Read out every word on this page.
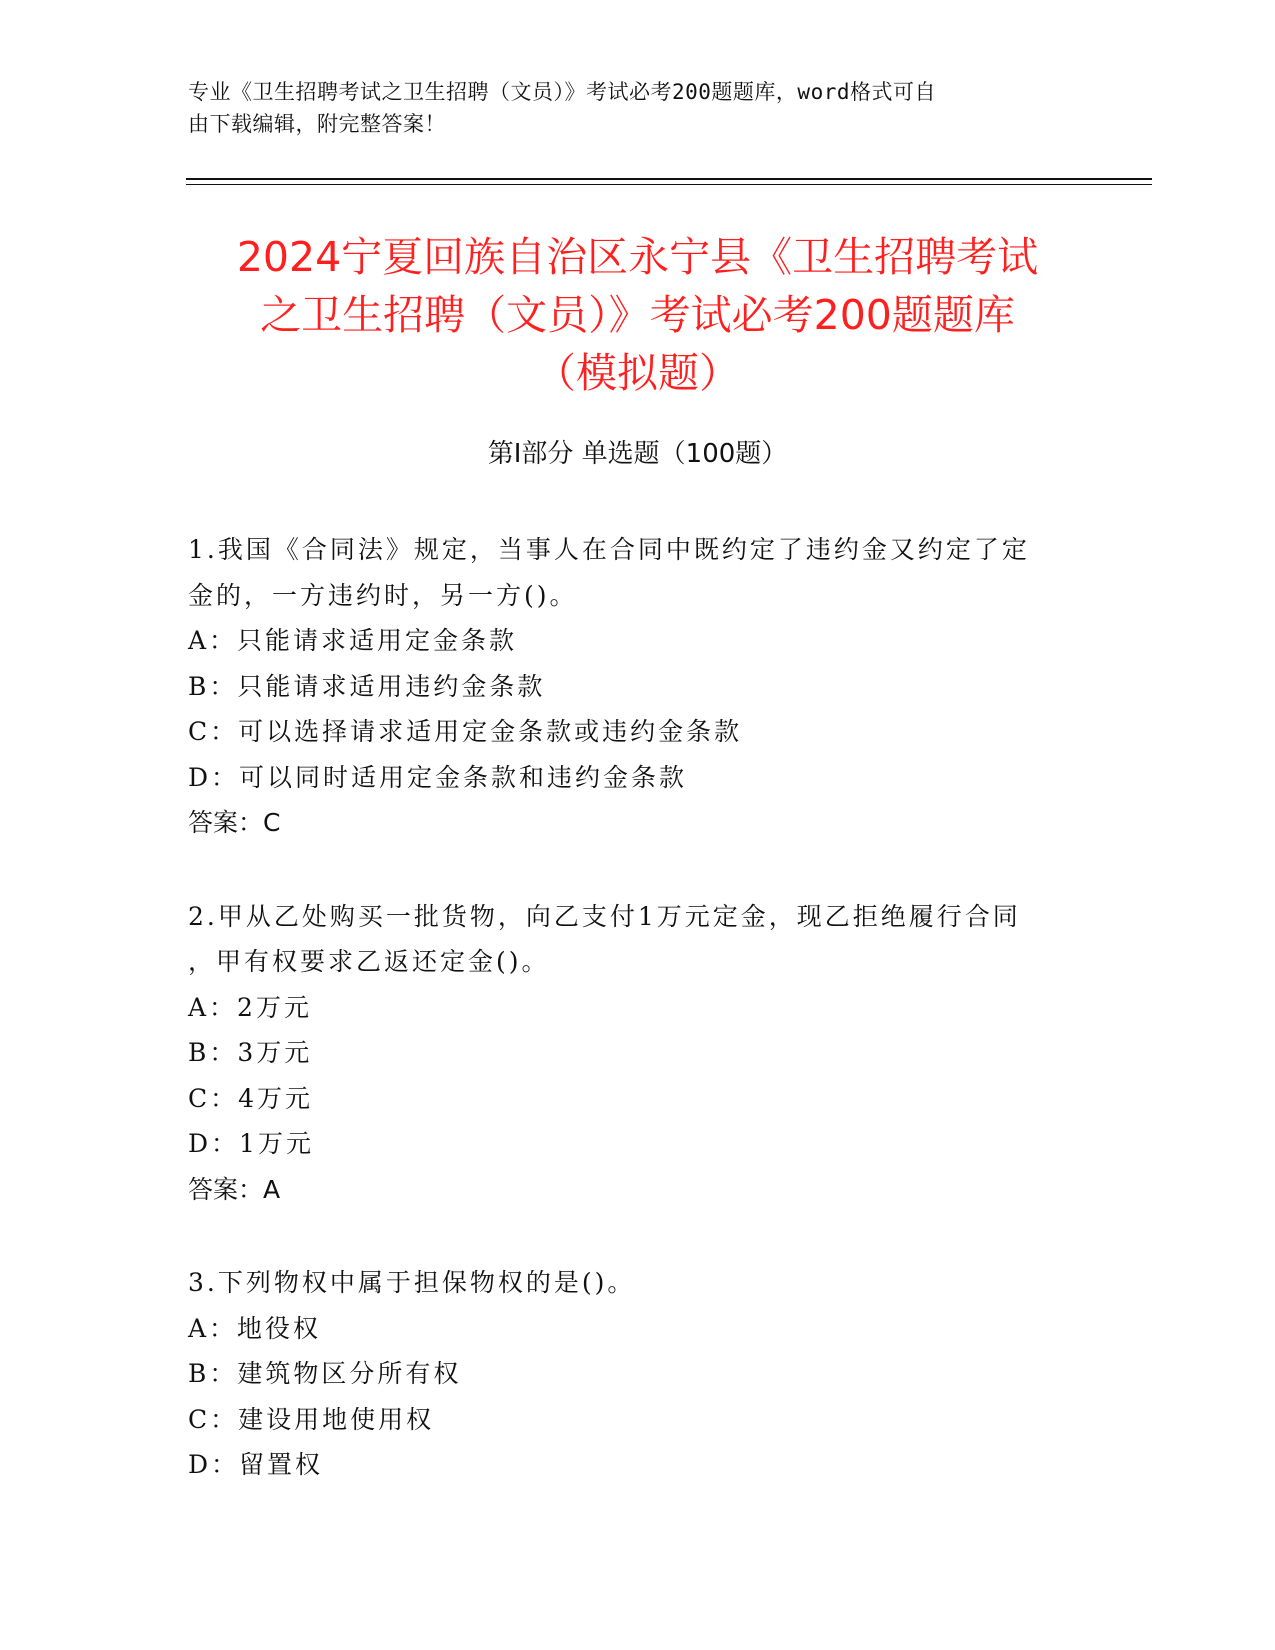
专业《卫生招聘考试之卫生招聘（文员）》考试必考200题题库，word格式可自
由下载编辑，附完整答案！
2024宁夏回族自治区永宁县《卫生招聘考试
之卫生招聘（文员）》考试必考200题题库
（模拟题）
第Ⅰ部分 单选题（100题）
1.我国《合同法》规定，当事人在合同中既约定了违约金又约定了定
金的，一方违约时，另一方()。
A：只能请求适用定金条款
B：只能请求适用违约金条款
C：可以选择请求适用定金条款或违约金条款
D：可以同时适用定金条款和违约金条款
答案：C
2.甲从乙处购买一批货物，向乙支付1万元定金，现乙拒绝履行合同
，甲有权要求乙返还定金()。
A：2万元
B：3万元
C：4万元
D：1万元
答案：A
3.下列物权中属于担保物权的是()。
A：地役权
B：建筑物区分所有权
C：建设用地使用权
D：留置权
